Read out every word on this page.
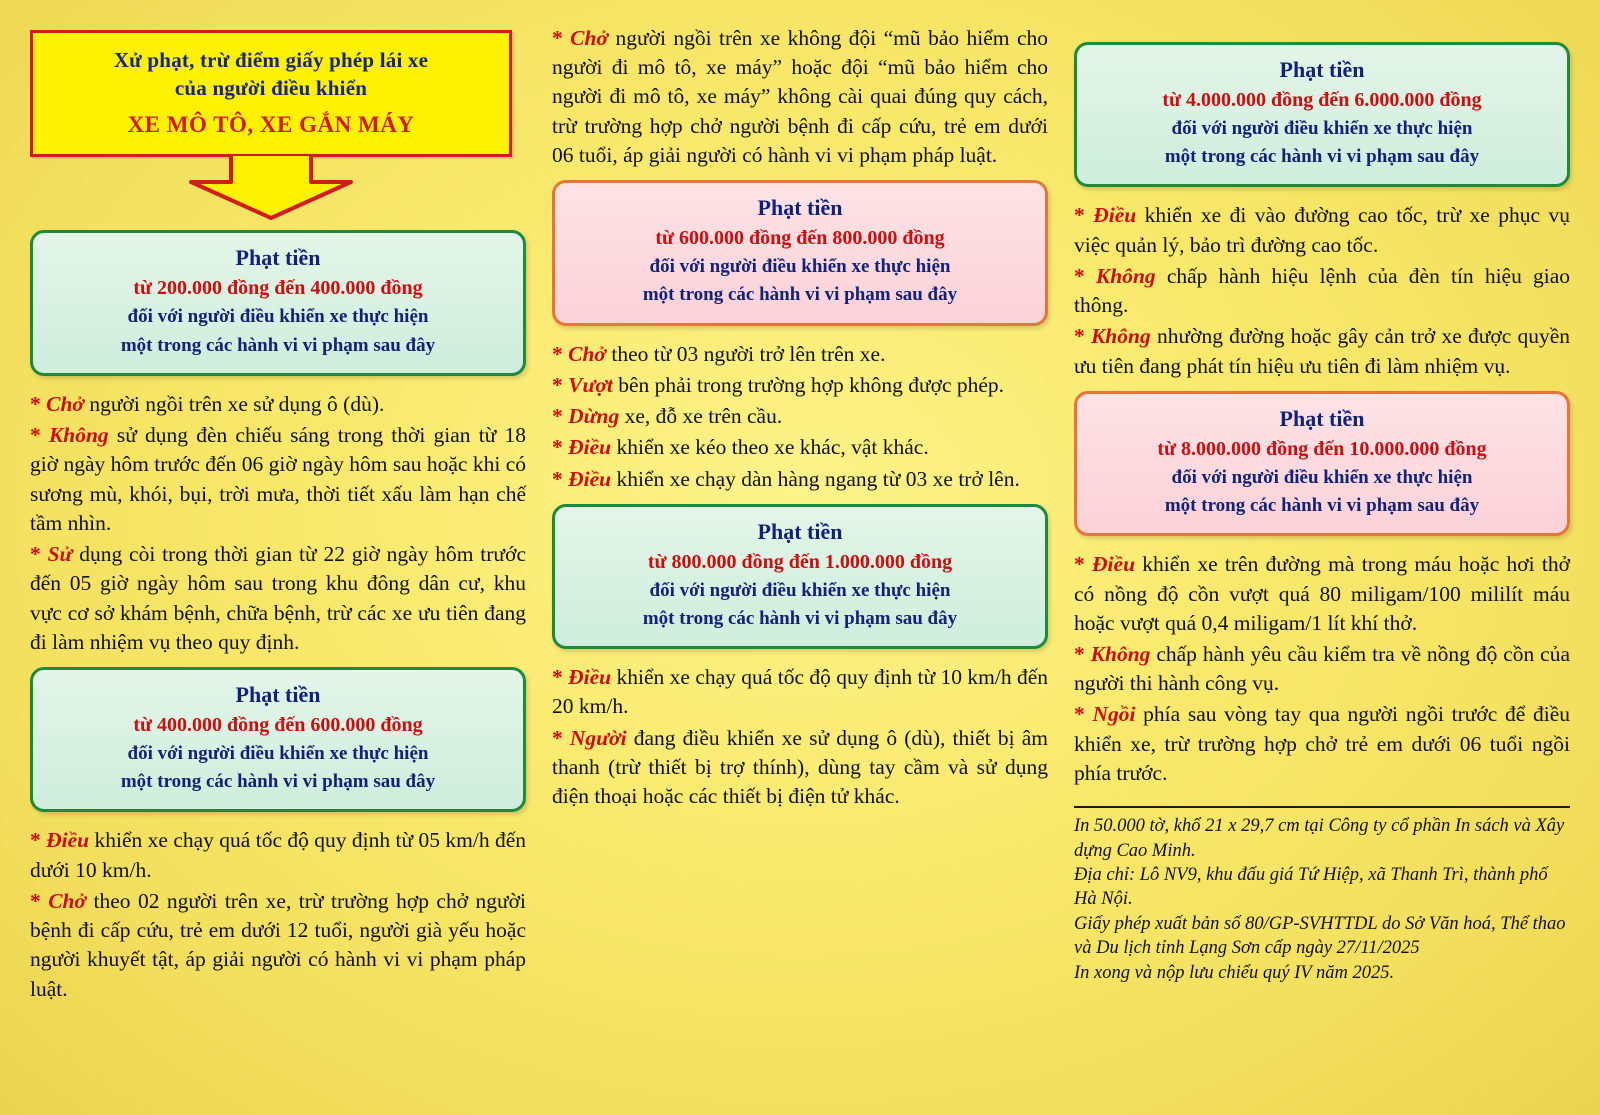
Xử phạt, trừ điểm giấy phép lái xe
của người điều khiển
XE MÔ TÔ, XE GẮN MÁY
Phạt tiền
từ 200.000 đồng đến 400.000 đồng
đối với người điều khiển xe thực hiện
một trong các hành vi vi phạm sau đây

* Chở người ngồi trên xe sử dụng ô (dù).

* Không sử dụng đèn chiếu sáng trong thời gian từ 18 giờ ngày hôm trước đến 06 giờ ngày hôm sau hoặc khi có sương mù, khói, bụi, trời mưa, thời tiết xấu làm hạn chế tầm nhìn.

* Sử dụng còi trong thời gian từ 22 giờ ngày hôm trước đến 05 giờ ngày hôm sau trong khu đông dân cư, khu vực cơ sở khám bệnh, chữa bệnh, trừ các xe ưu tiên đang đi làm nhiệm vụ theo quy định.

Phạt tiền
từ 400.000 đồng đến 600.000 đồng
đối với người điều khiển xe thực hiện
một trong các hành vi vi phạm sau đây

* Điều khiển xe chạy quá tốc độ quy định từ 05 km/h đến dưới 10 km/h.

* Chở theo 02 người trên xe, trừ trường hợp chở người bệnh đi cấp cứu, trẻ em dưới 12 tuổi, người già yếu hoặc người khuyết tật, áp giải người có hành vi vi phạm pháp luật.

* Chở người ngồi trên xe không đội “mũ bảo hiểm cho người đi mô tô, xe máy” hoặc đội “mũ bảo hiểm cho người đi mô tô, xe máy” không cài quai đúng quy cách, trừ trường hợp chở người bệnh đi cấp cứu, trẻ em dưới 06 tuổi, áp giải người có hành vi vi phạm pháp luật.

Phạt tiền
từ 600.000 đồng đến 800.000 đồng
đối với người điều khiển xe thực hiện
một trong các hành vi vi phạm sau đây

* Chở theo từ 03 người trở lên trên xe.

* Vượt bên phải trong trường hợp không được phép.

* Dừng xe, đỗ xe trên cầu.

* Điều khiển xe kéo theo xe khác, vật khác.

* Điều khiển xe chạy dàn hàng ngang từ 03 xe trở lên.

Phạt tiền
từ 800.000 đồng đến 1.000.000 đồng
đối với người điều khiển xe thực hiện
một trong các hành vi vi phạm sau đây

* Điều khiển xe chạy quá tốc độ quy định từ 10 km/h đến 20 km/h.

* Người đang điều khiển xe sử dụng ô (dù), thiết bị âm thanh (trừ thiết bị trợ thính), dùng tay cầm và sử dụng điện thoại hoặc các thiết bị điện tử khác.

Phạt tiền
từ 4.000.000 đồng đến 6.000.000 đồng
đối với người điều khiển xe thực hiện
một trong các hành vi vi phạm sau đây

* Điều khiển xe đi vào đường cao tốc, trừ xe phục vụ việc quản lý, bảo trì đường cao tốc.

* Không chấp hành hiệu lệnh của đèn tín hiệu giao thông.

* Không nhường đường hoặc gây cản trở xe được quyền ưu tiên đang phát tín hiệu ưu tiên đi làm nhiệm vụ.

Phạt tiền
từ 8.000.000 đồng đến 10.000.000 đồng
đối với người điều khiển xe thực hiện
một trong các hành vi vi phạm sau đây

* Điều khiển xe trên đường mà trong máu hoặc hơi thở có nồng độ cồn vượt quá 80 miligam/100 mililít máu hoặc vượt quá 0,4 miligam/1 lít khí thở.

* Không chấp hành yêu cầu kiểm tra về nồng độ cồn của người thi hành công vụ.

* Ngồi phía sau vòng tay qua người ngồi trước để điều khiển xe, trừ trường hợp chở trẻ em dưới 06 tuổi ngồi phía trước.

In 50.000 tờ, khổ 21 x 29,7 cm tại Công ty cổ phần In sách và Xây dựng Cao Minh.

Địa chỉ: Lô NV9, khu đấu giá Tứ Hiệp, xã Thanh Trì, thành phố Hà Nội.

Giấy phép xuất bản số 80/GP-SVHTTDL do Sở Văn hoá, Thể thao và Du lịch tỉnh Lạng Sơn cấp ngày 27/11/2025

In xong và nộp lưu chiểu quý IV năm 2025.
